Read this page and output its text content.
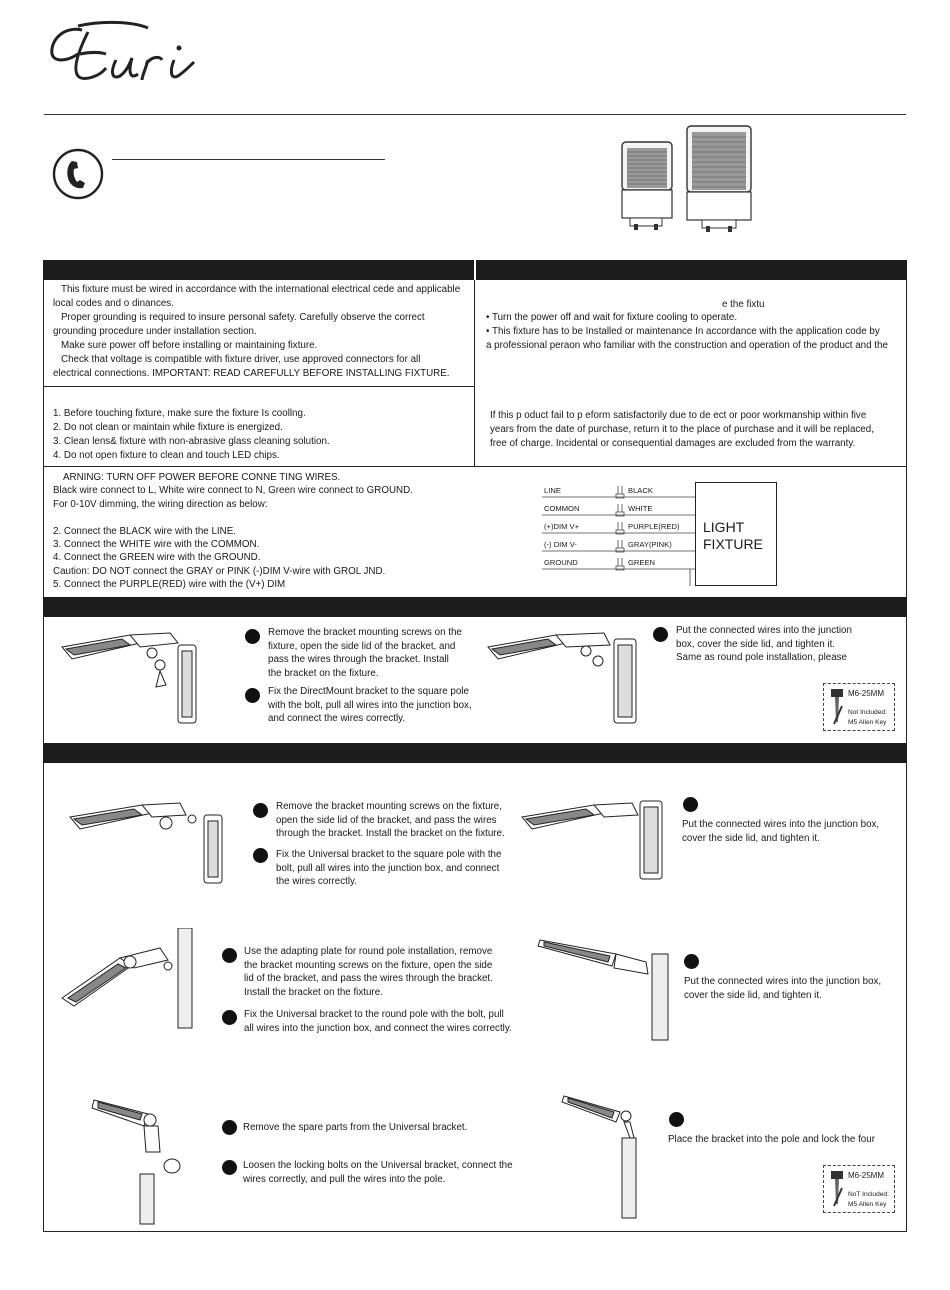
Euri
This fixture must be wired in accordance with the international electrical cede and applicable
local codes and o dinances.
Proper grounding is required to insure personal safety. Carefully observe the correct
grounding procedure under installation section.
Make sure power off before installing or maintaining fixture.
Check that voltage is compatible with fixture driver, use approved connectors for all
electrical connections. IMPORTANT: READ CAREFULLY BEFORE INSTALLING FIXTURE.
e the fixtu
• Turn the power off and wait for fixture cooling to operate.
• This fixture has to be Installed or maintenance In accordance with the application code by
a professional peraon who familiar with the construction and operation of the product and the
1. Before touching fixture, make sure the fixture Is coollng.
2. Do not clean or maintain while fixture is energized.
3. Clean lens& fixture with non-abrasive glass cleaning solution.
4. Do not open fixture to clean and touch LED chips.
If this p oduct fail to p eform satisfactorily due to de ect or poor workmanship within five
years from the date of purchase, return it to the place of purchase and it will be replaced,
free of charge. Incidental or consequential damages are excluded from the warranty.
ARNING: TURN OFF POWER BEFORE CONNE TING WIRES.
Black wire connect to L, White wire connect to N, Green wire connect to GROUND.
For 0-10V dimming, the wiring direction as below:

2. Connect the BLACK wire with the LINE.
3. Connect the WHITE wire with the COMMON.
4. Connect the GREEN wire with the GROUND.
Caution: DO NOT connect the GRAY or PINK (-)DIM V-wire with GROL JND.
5. Connect the PURPLE(RED) wire with the (V+) DIM
LINE
COMMON
(+)DIM V+
(-) DIM V-
GROUND
BLACK
WHITE
PURPLE(RED)
GRAY(PINK)
GREEN
LIGHT
FIXTURE
Remove the bracket mounting screws on the
fixture, open the side lid of the bracket, and
pass the wires through the bracket. Install
the bracket on the fixture.
Fix the DirectMount bracket to the square pole
with the bolt, pull all wires into the junction box,
and connect the wires correctly.
Put the connected wires into the junction
box, cover the side lid, and tighten it.
Same as round pole installation, please
M6-25MM
Not Included:
M5 Allen Key
Remove the bracket mounting screws on the fixture,
open the side lid of the bracket, and pass the wires
through the bracket. Install the bracket on the fixture.
Fix the Universal bracket to the square pole with the
bolt, pull all wires into the junction box, and connect
the wires correctly.
Put the connected wires into the junction box,
cover the side lid, and tighten it.
Use the adapting plate for round pole installation, remove
the bracket mounting screws on the fixture, open the side
lid of the bracket, and pass the wires through the bracket.
Install the bracket on the fixture.
Fix the Universal bracket to the round pole with the bolt, pull
all wires into the junction box, and connect the wires correctly.
Put the connected wires into the junction box,
cover the side lid, and tighten it.
Remove the spare parts from the Universal bracket.
Loosen the locking bolts on the Universal bracket, connect the
wires correctly, and pull the wires into the pole.
Place the bracket into the pole and lock the four
M6-25MM
NoT Included:
M5 Allen Key
